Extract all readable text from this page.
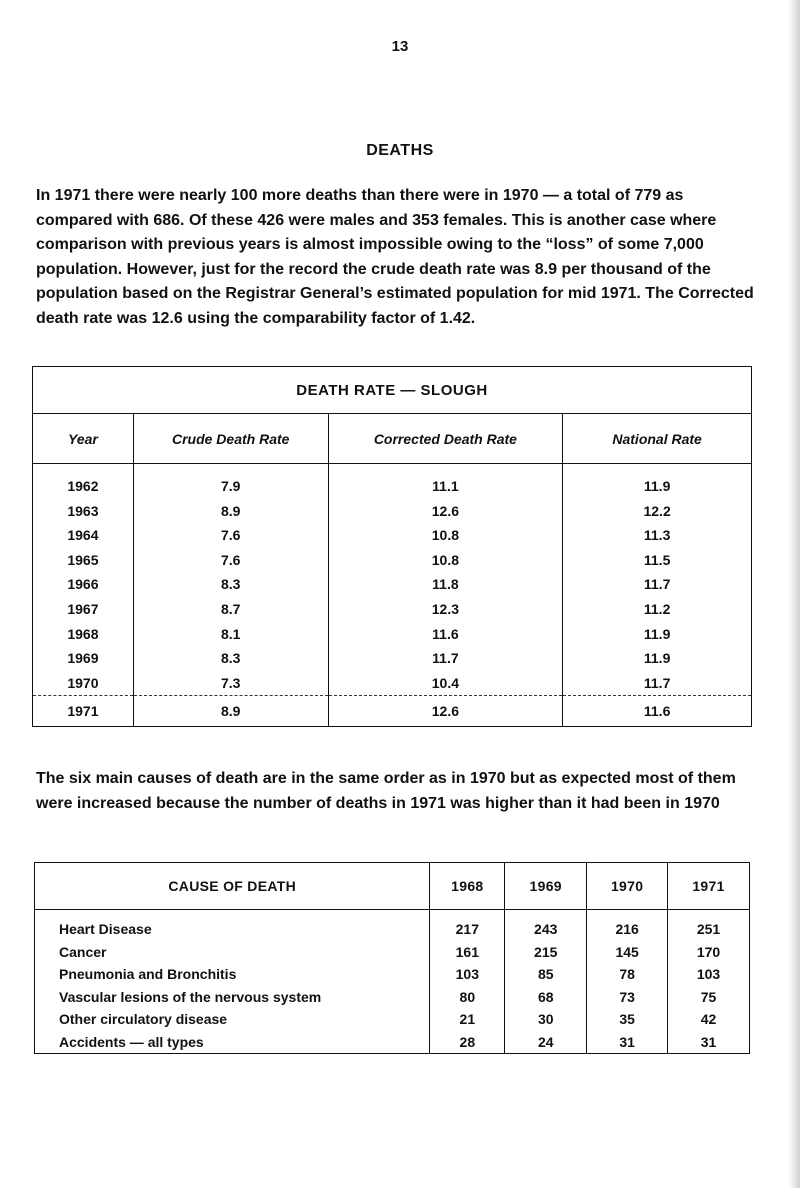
13
DEATHS
In 1971 there were nearly 100 more deaths than there were in 1970 — a total of 779 as compared with 686. Of these 426 were males and 353 females. This is another case where comparison with previous years is almost impossible owing to the “loss” of some 7,000 population. However, just for the record the crude death rate was 8.9 per thousand of the population based on the Registrar General’s estimated population for mid 1971. The Corrected death rate was 12.6 using the comparability factor of 1.42.
DEATH RATE — SLOUGH			
Year	Crude Death Rate	Corrected Death Rate	National Rate
1962	7.9	11.1	11.9
1963	8.9	12.6	12.2
1964	7.6	10.8	11.3
1965	7.6	10.8	11.5
1966	8.3	11.8	11.7
1967	8.7	12.3	11.2
1968	8.1	11.6	11.9
1969	8.3	11.7	11.9
1970	7.3	10.4	11.7
1971	8.9	12.6	11.6
The six main causes of death are in the same order as in 1970 but as expected most of them were increased because the number of deaths in 1971 was higher than it had been in 1970
CAUSE OF DEATH	1968	1969	1970	1971
Heart Disease	217	243	216	251
Cancer	161	215	145	170
Pneumonia and Bronchitis	103	85	78	103
Vascular lesions of the nervous system	80	68	73	75
Other circulatory disease	21	30	35	42
Accidents — all types	28	24	31	31
